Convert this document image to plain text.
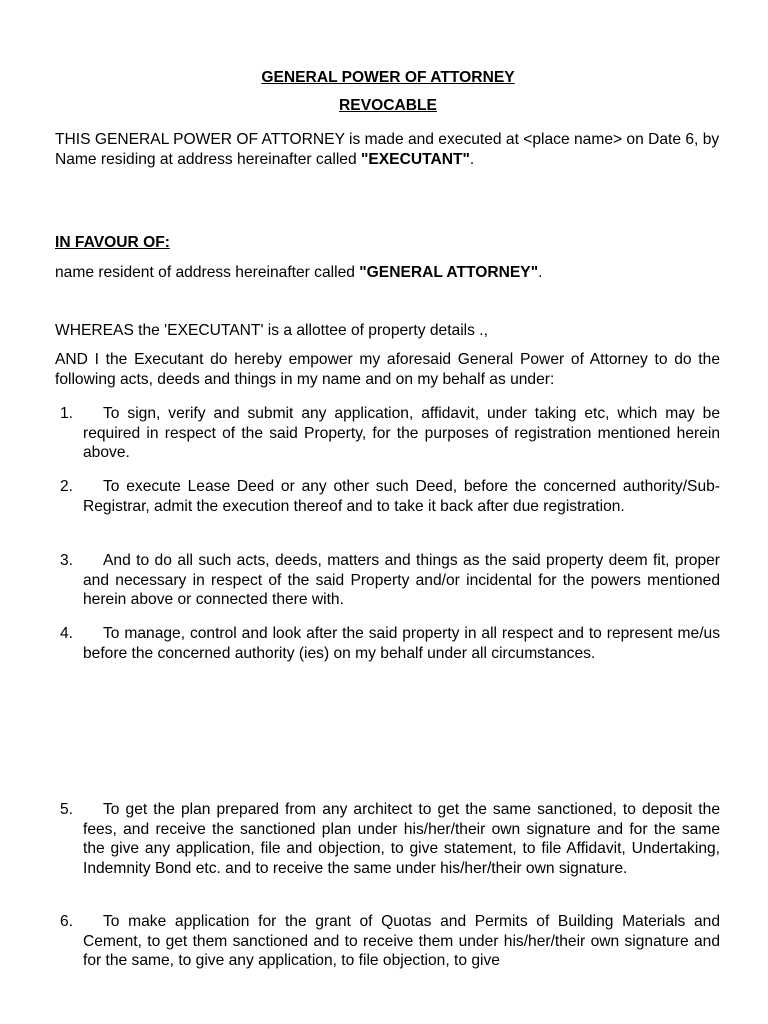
GENERAL POWER OF ATTORNEY
REVOCABLE
THIS GENERAL POWER OF ATTORNEY is made and executed at <place name> on Date 6, by Name residing at address hereinafter called "EXECUTANT".
IN FAVOUR OF:
name resident of address hereinafter called "GENERAL ATTORNEY".
WHEREAS the 'EXECUTANT' is a allottee of property details .,
AND I the Executant do hereby empower my aforesaid General Power of Attorney to do the following acts, deeds and things in my name and on my behalf as under:
1.	To sign, verify and submit any application, affidavit, under taking etc, which may be required in respect of the said Property, for the purposes of registration mentioned herein above.
2.	To execute Lease Deed or any other such Deed, before the concerned authority/Sub-Registrar, admit the execution thereof and to take it back after due registration.
3.	And to do all such acts, deeds, matters and things as the said property deem fit, proper and necessary in respect of the said Property and/or incidental for the powers mentioned herein above or connected there with.
4.	To manage, control and look after the said property in all respect and to represent me/us before the concerned authority (ies) on my behalf under all circumstances.
5.	To get the plan prepared from any architect to get the same sanctioned, to deposit the fees, and receive the sanctioned plan under his/her/their own signature and for the same the give any application, file and objection, to give statement, to file Affidavit, Undertaking, Indemnity Bond etc. and to receive the same under his/her/their own signature.
6.	To make application for the grant of Quotas and Permits of Building Materials and Cement, to get them sanctioned and to receive them under his/her/their own signature and for the same, to give any application, to file objection, to give
